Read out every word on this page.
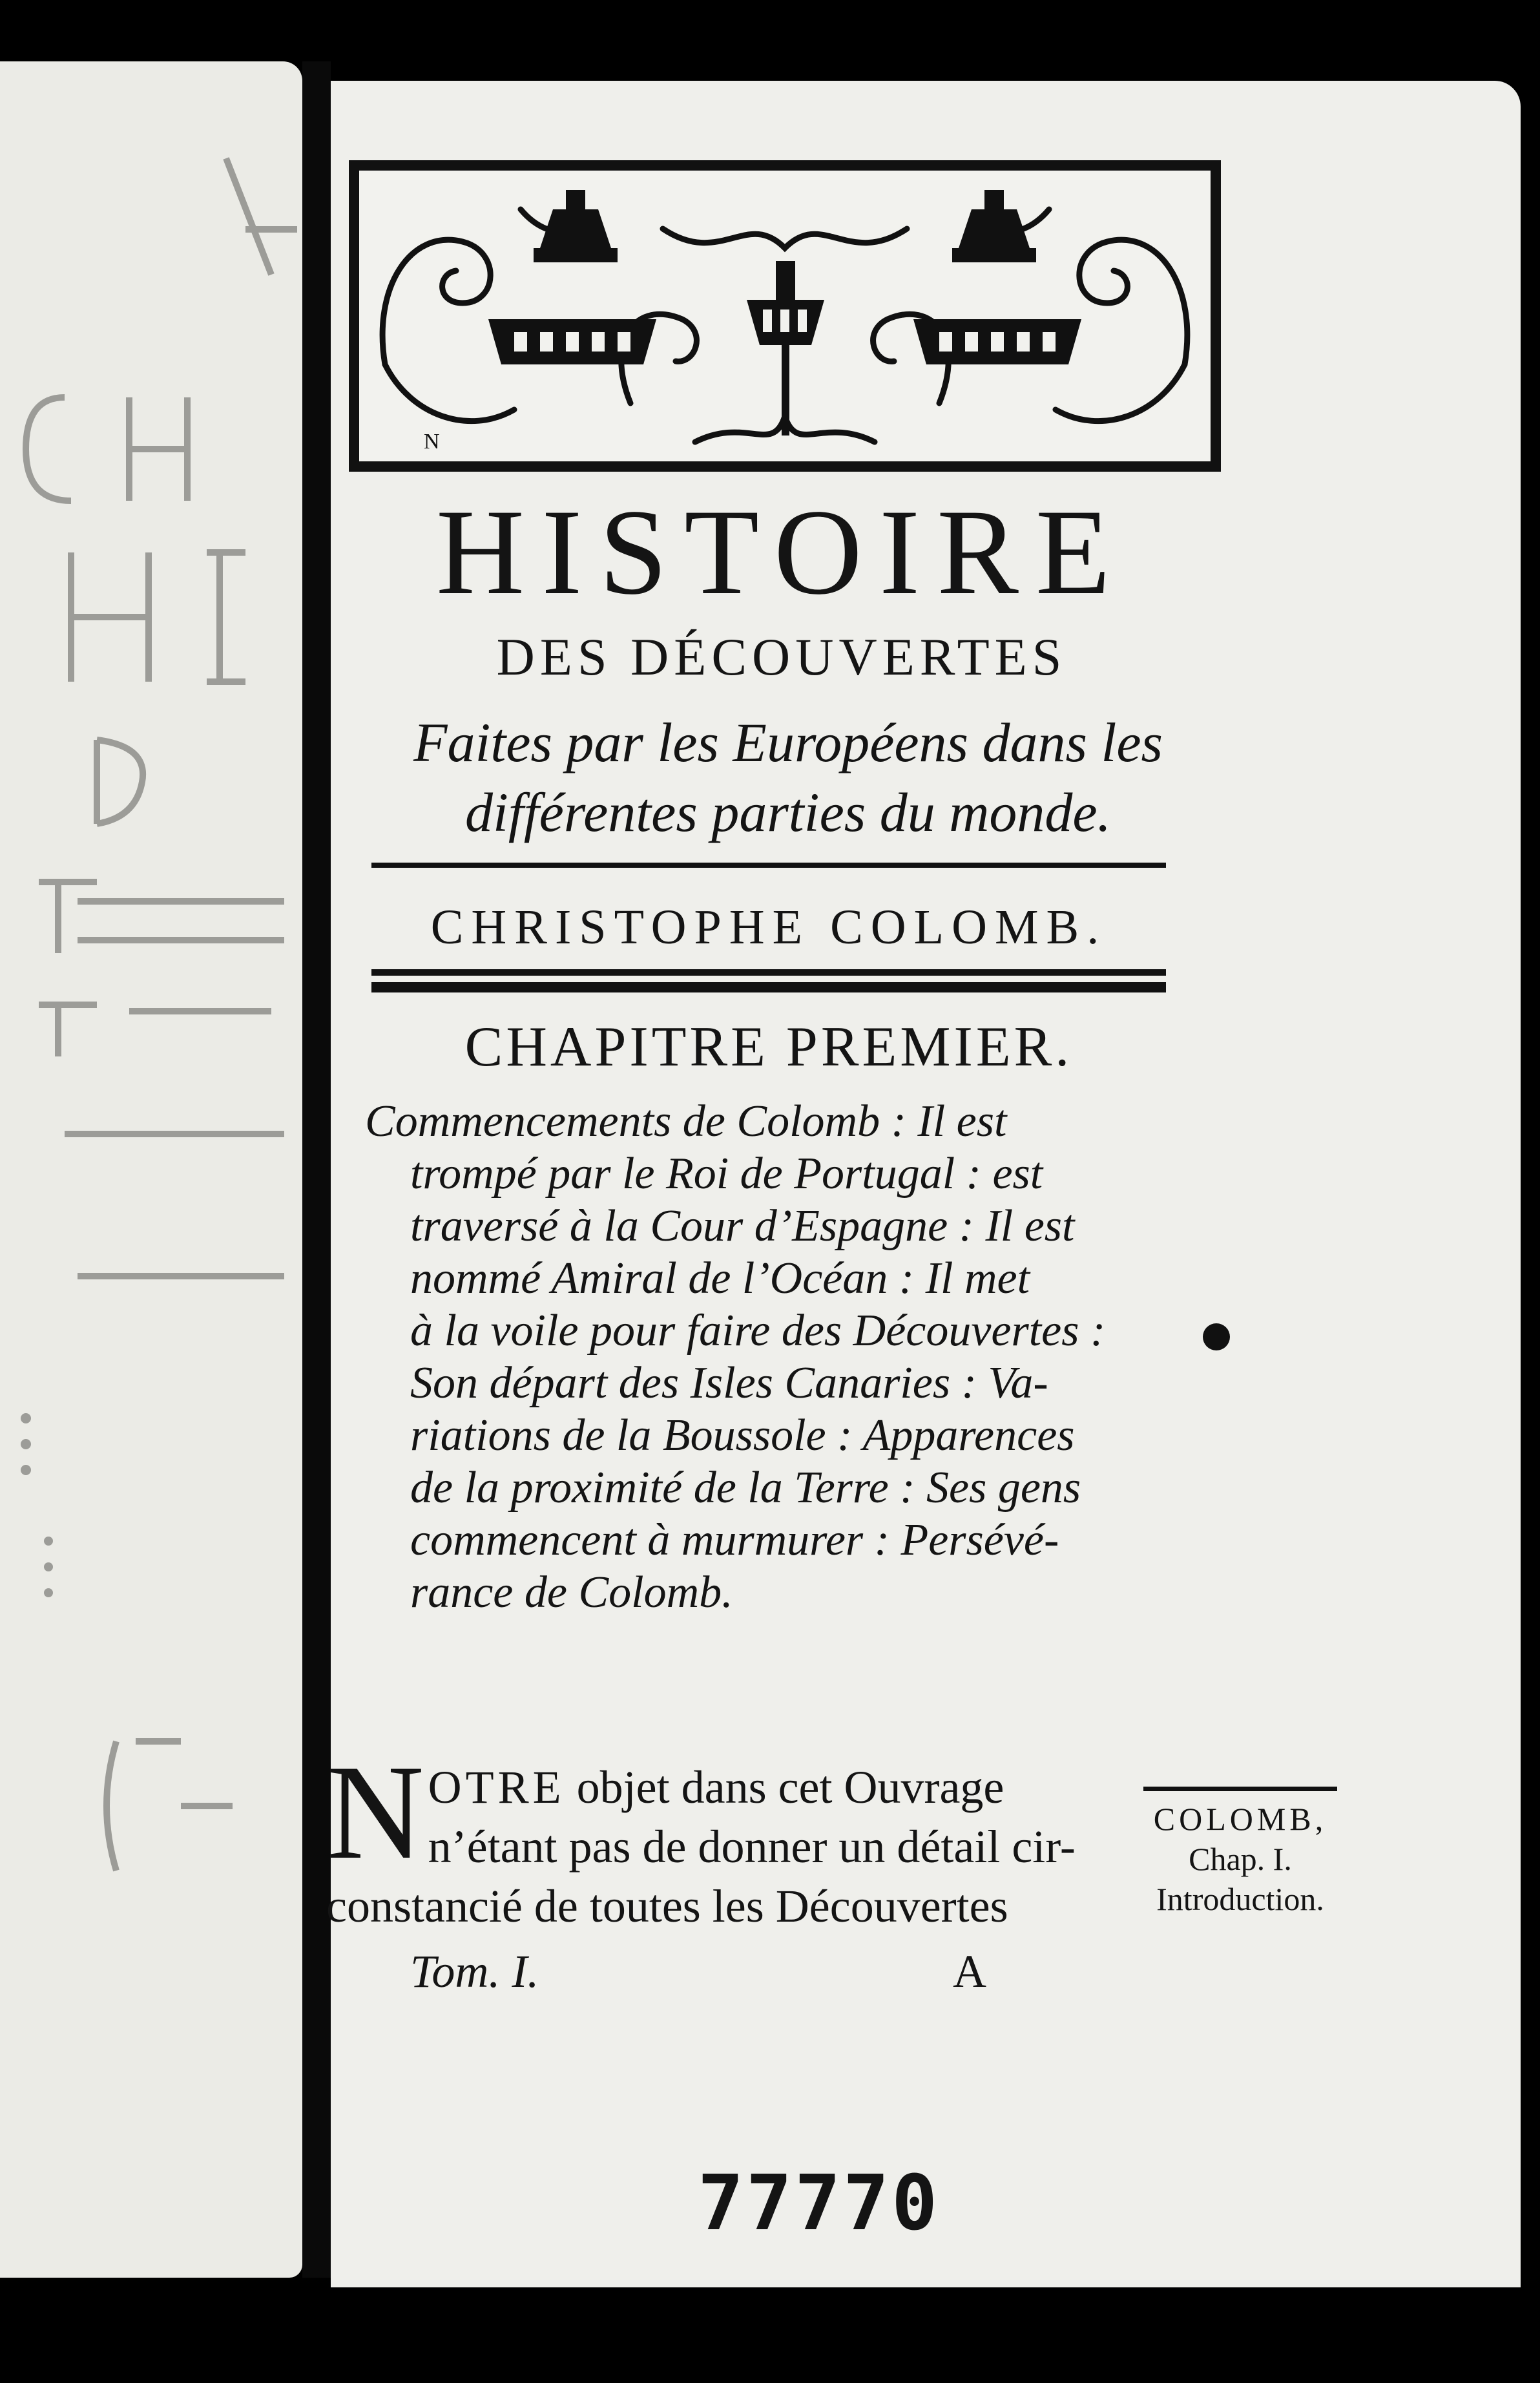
N
HISTOIRE
DES DÉCOUVERTES
Faites par les Européens dans les
différentes parties du monde.
CHRISTOPHE COLOMB.
CHAPITRE PREMIER.

Commencements de Colomb : Il est

trompé par le Roi de Portugal : est

traversé à la Cour d’Espagne : Il est

nommé Amiral de l’Océan : Il met

à la voile pour faire des Découvertes :

Son départ des Isles Canaries : Va-

riations de la Boussole : Apparences

de la proximité de la Terre : Ses gens

commencent à murmurer : Persévé-

rance de Colomb.

N OTRE objet dans cet Ouvrage
n’étant pas de donner un détail cir-
constancié de toutes les Découvertes
COLOMB,
Chap. I.
Introduction.
Tom. I.	A
77770
